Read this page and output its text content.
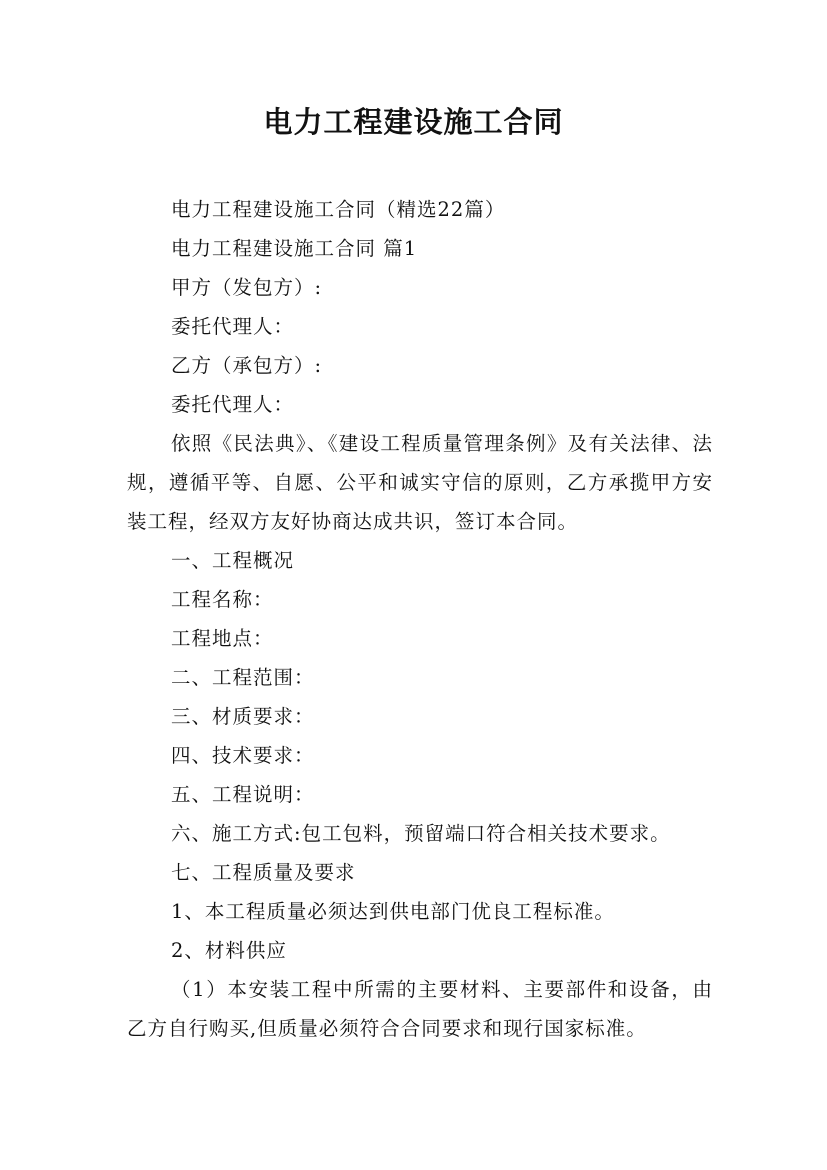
电力工程建设施工合同

电力工程建设施工合同（精选22篇）

电力工程建设施工合同 篇1

甲方（发包方）:

委托代理人：

乙方（承包方）:

委托代理人：

依照《民法典》、《建设工程质量管理条例》及有关法律、法规，遵循平等、自愿、公平和诚实守信的原则，乙方承揽甲方安装工程，经双方友好协商达成共识，签订本合同。

一、工程概况

工程名称：

工程地点：

二、工程范围：

三、材质要求：

四、技术要求：

五、工程说明：

六、施工方式:包工包料，预留端口符合相关技术要求。

七、工程质量及要求

1、本工程质量必须达到供电部门优良工程标准。

2、材料供应

（1）本安装工程中所需的主要材料、主要部件和设备，由乙方自行购买,但质量必须符合合同要求和现行国家标准。
